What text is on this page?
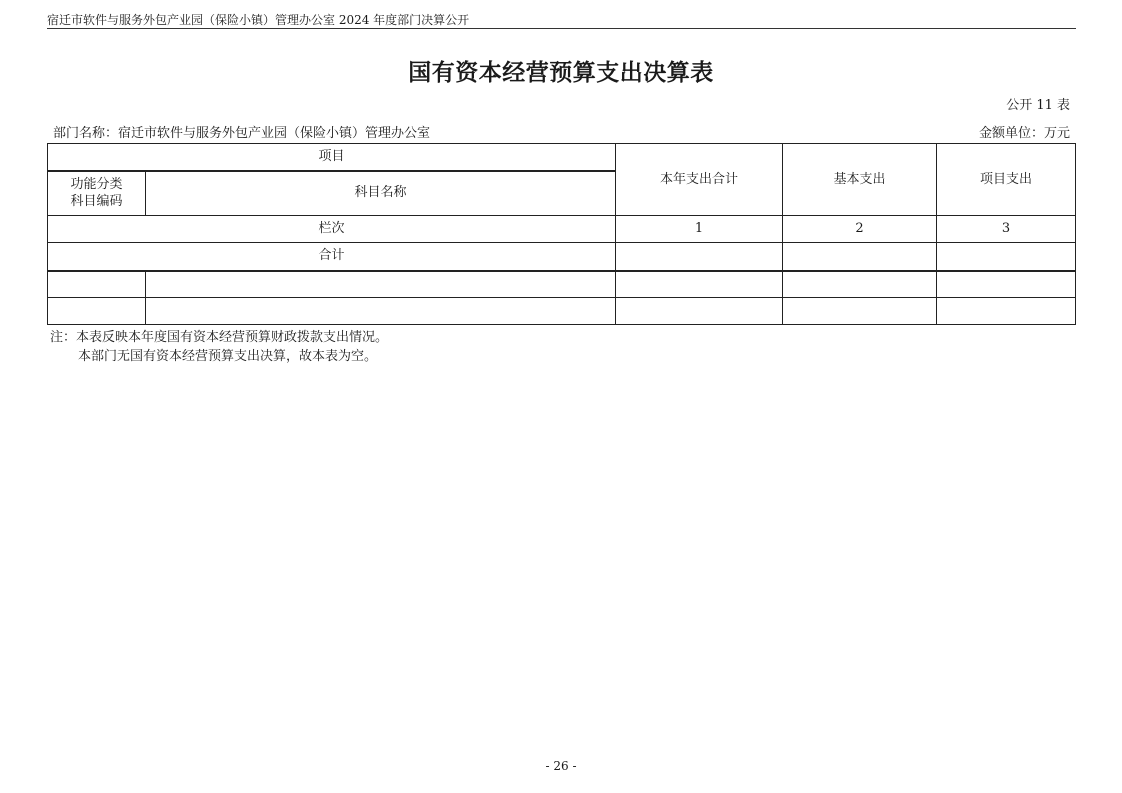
宿迁市软件与服务外包产业园（保险小镇）管理办公室 2024 年度部门决算公开
国有资本经营预算支出决算表
公开 11 表
部门名称：宿迁市软件与服务外包产业园（保险小镇）管理办公室	金额单位：万元
项目		本年支出合计	基本支出	项目支出

功能分类
科目编码	科目名称			
栏次		1	2	3
合计				

注：本表反映本年度国有资本经营预算财政拨款支出情况。
本部门无国有资本经营预算支出决算，故本表为空。
- 26 -
